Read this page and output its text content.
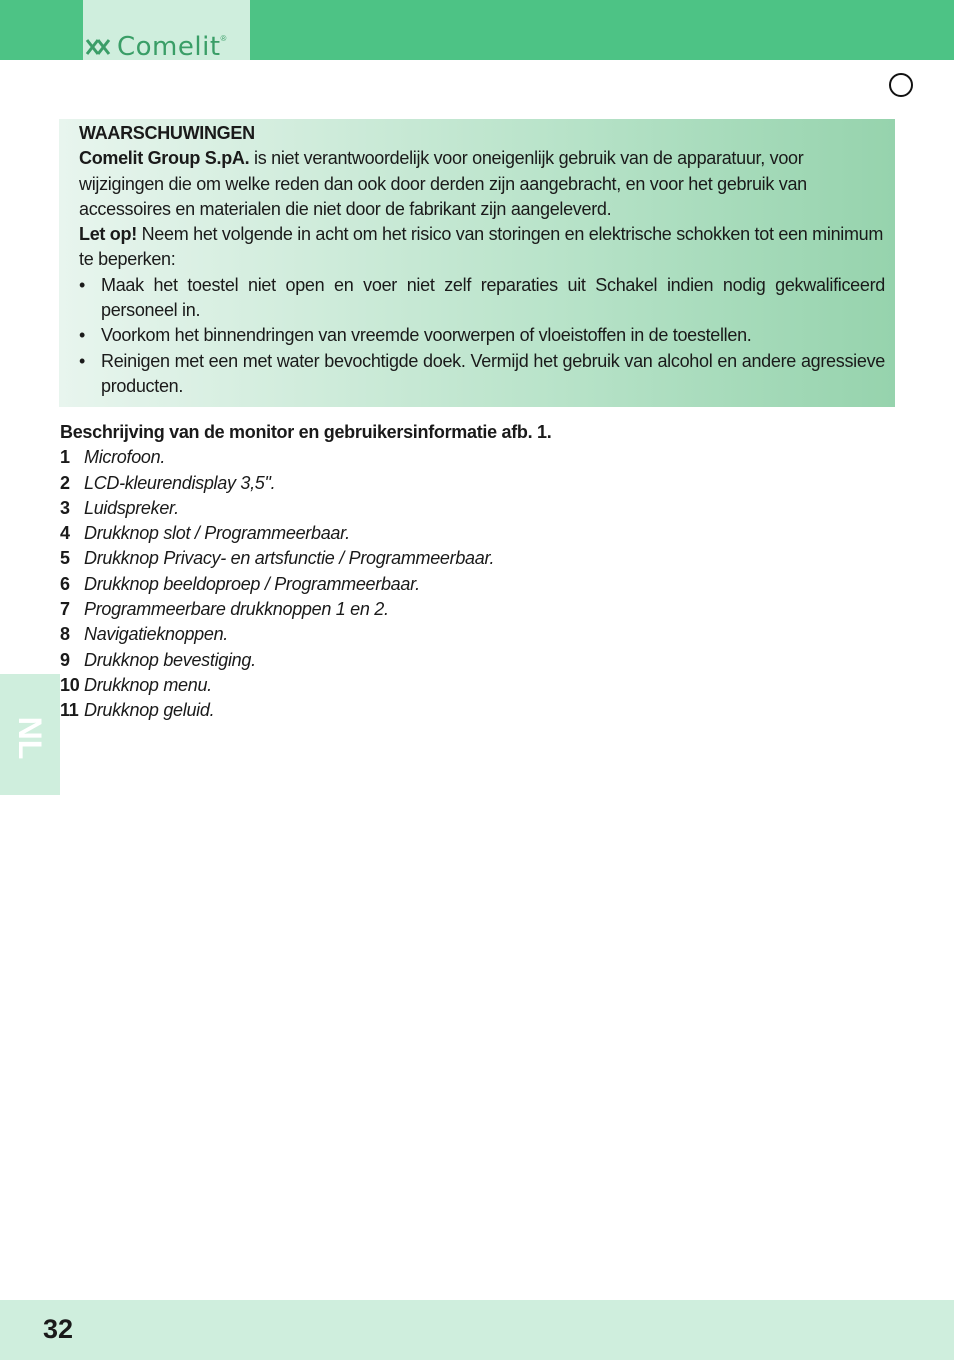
Comelit ®

WAARSCHUWINGEN

Comelit Group S.pA. is niet verantwoordelijk voor oneigenlijk gebruik van de apparatuur, voor wijzigingen die om welke reden dan ook door derden zijn aangebracht, en voor het gebruik van accessoires en materialen die niet door de fabrikant zijn aangeleverd.

Let op! Neem het volgende in acht om het risico van storingen en elektrische schokken tot een minimum te beperken:

• Maak het toestel niet open en voer niet zelf reparaties uit Schakel indien nodig gekwalificeerd personeel in.
• Voorkom het binnendringen van vreemde voorwerpen of vloeistoffen in de toestellen.
• Reinigen met een met water bevochtigde doek. Vermijd het gebruik van alcohol en andere agressieve producten.

Beschrijving van de monitor en gebruikersinformatie afb. 1.

1 Microfoon.
2 LCD-kleurendisplay 3,5".
3 Luidspreker.
4 Drukknop slot / Programmeerbaar.
5 Drukknop Privacy- en artsfunctie / Programmeerbaar.
6 Drukknop beeldoproep / Programmeerbaar.
7 Programmeerbare drukknoppen 1 en 2.
8 Navigatieknoppen.
9 Drukknop bevestiging.
10 Drukknop menu.
11 Drukknop geluid.
NL
32
